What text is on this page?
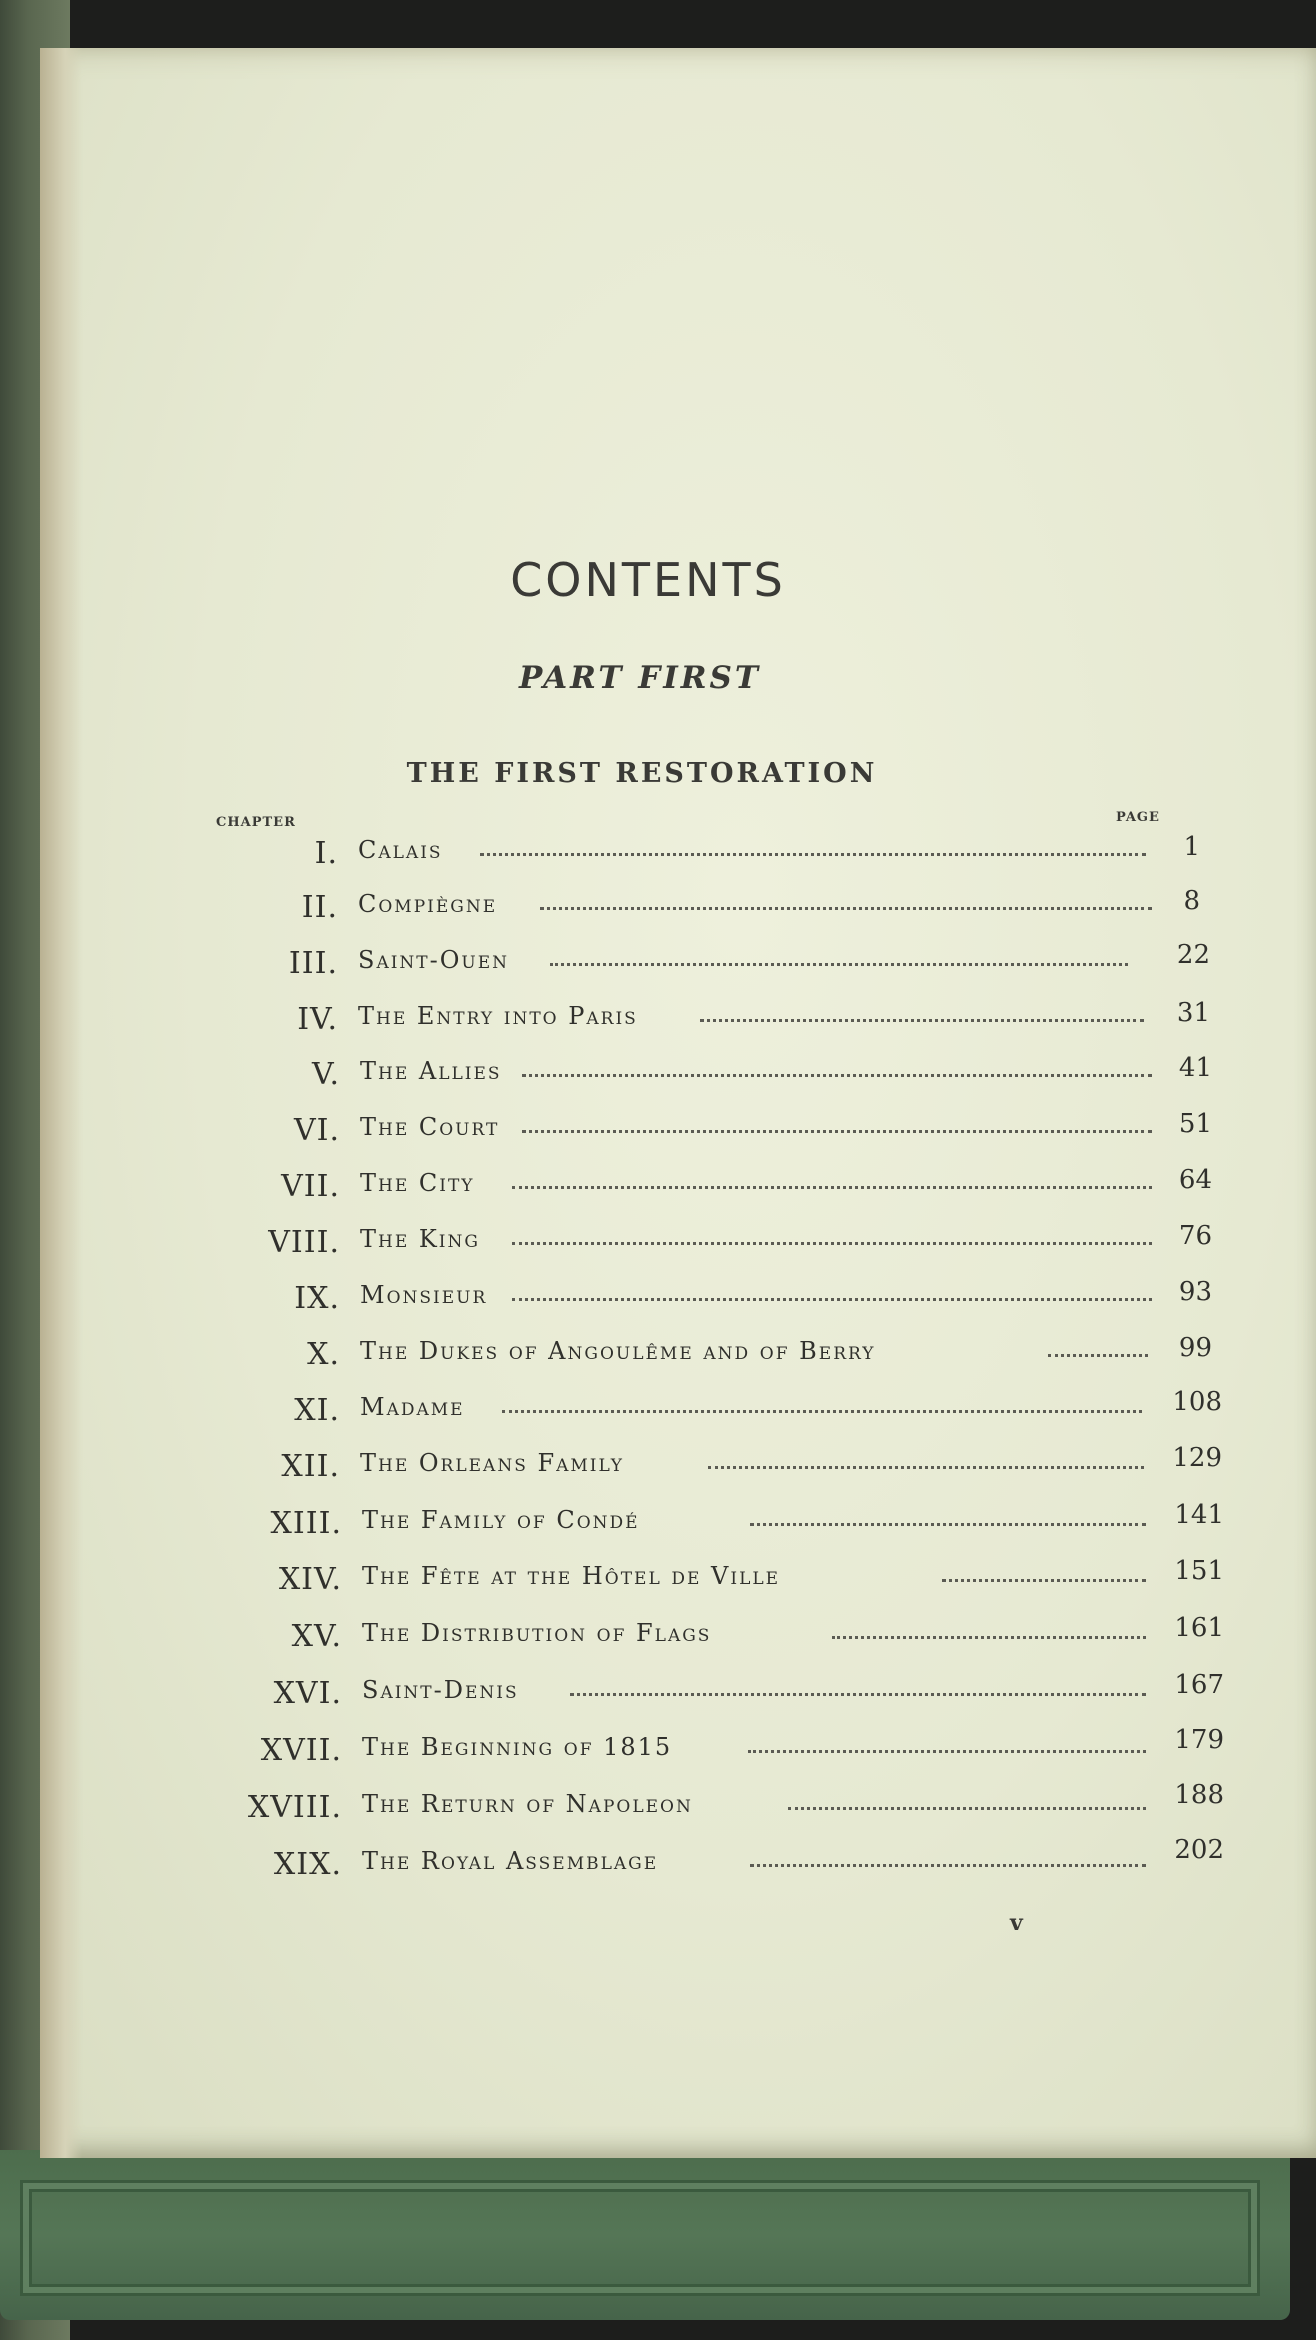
CONTENTS
PART FIRST
THE FIRST RESTORATION
CHAPTER	PAGE
I. Calais	1
II. Compiègne	8
III. Saint-Ouen	22
IV. The Entry into Paris	31
V. The Allies	41
VI. The Court	51
VII. The City	64
VIII. The King	76
IX. Monsieur	93
X. The Dukes of Angoulême and of Berry	99
XI. Madame	108
XII. The Orleans Family	129
XIII. The Family of Condé	141
XIV. The Fête at the Hôtel de Ville	151
XV. The Distribution of Flags	161
XVI. Saint-Denis	167
XVII. The Beginning of 1815	179
XVIII. The Return of Napoleon	188
XIX. The Royal Assemblage	202
v
